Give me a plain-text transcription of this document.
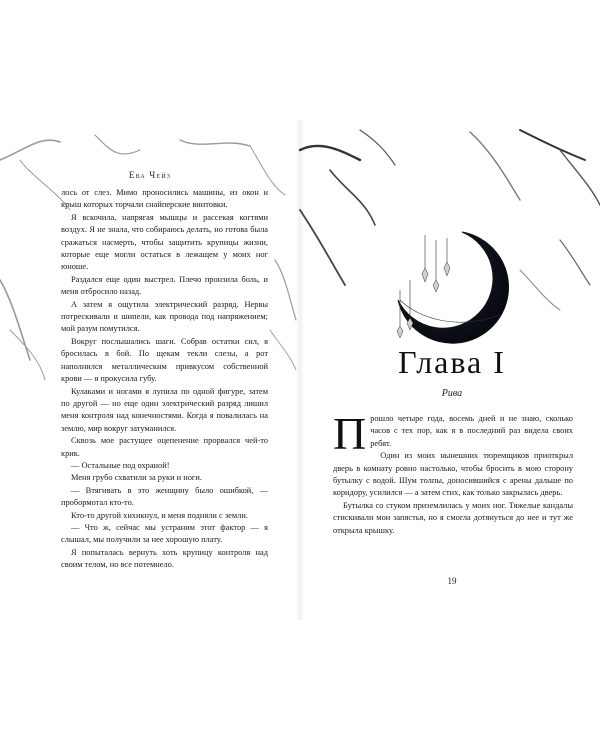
Ева Чейз

лось от слез. Мимо проносились машины, из окон и крыш которых торчали снайперские винтовки.

Я вскочила, напрягая мышцы и рассекая когтями воздух. Я не знала, что собираюсь делать, но готова была сражаться насмерть, чтобы защитить крупицы жизни, которые еще могли остаться в лежащем у моих ног юноше.

Раздался еще один выстрел. Плечо пронзила боль, и меня отбросило назад.

А затем я ощутила электрический разряд. Нервы потрескивали и шипели, как провода под напряжением; мой разум помутился.

Вокруг послышались шаги. Собрав остатки сил, я бросилась в бой. По щекам текли слезы, а рот наполнился металлическим привкусом собственной крови — я прокусила губу.

Кулаками и ногами я лупила по одной фигуре, затем по другой — но еще один электрический разряд лишил меня контроля над конечностями. Когда я повалилась на землю, мир вокруг затуманился.

Сквозь мое растущее оцепенение прорвался чей-то крик.

— Остальные под охраной!

Меня грубо схватили за руки и ноги.

— Втягивать в это женщину было ошибкой, — пробормотал кто-то.

Кто-то другой хихикнул, и меня подняли с земли.

— Что ж, сейчас мы устраним этот фактор — я слышал, мы получили за нее хорошую плату.

Я попыталась вернуть хоть крупицу контроля над своим телом, но все потемнело.

Глава I
Рива

Прошло четыре года, восемь дней и не знаю, сколько часов с тех пор, как я в последний раз видела своих ребят.

Один из моих нынешних тюремщиков приоткрыл дверь в комнату ровно настолько, чтобы бросить в мою сторону бутылку с водой. Шум толпы, доносившийся с арены дальше по коридору, усилился — а затем стих, как только закрылась дверь.

Бутылка со стуком приземлилась у моих ног. Тяжелые кандалы стискивали мои запястья, но я смогла дотянуться до нее и тут же открыла крышку.

19
